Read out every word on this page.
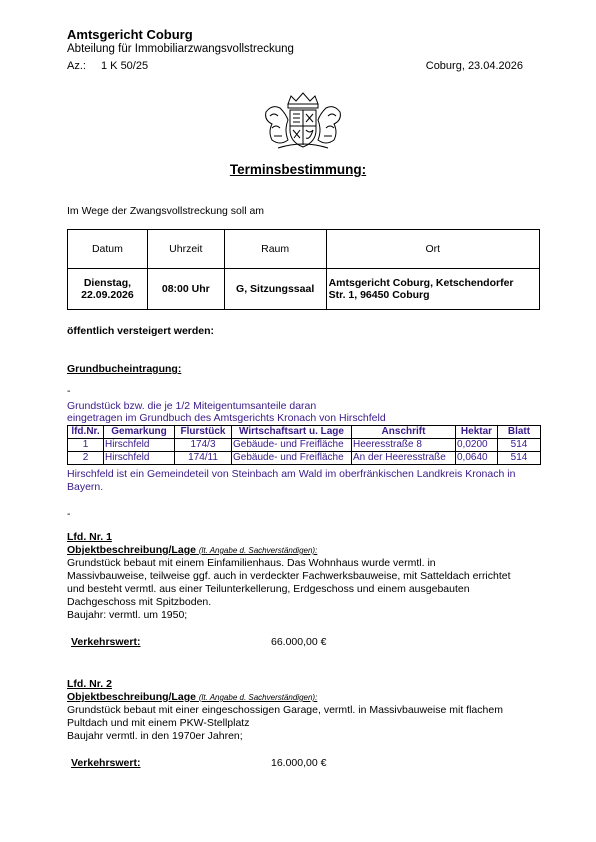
Amtsgericht Coburg
Abteilung für Immobiliarzwangsvollstreckung
Az.: 1 K 50/25	Coburg, 23.04.2026
Terminsbestimmung:
Im Wege der Zwangsvollstreckung soll am
Datum	Uhrzeit	Raum	Ort
Dienstag,
22.09.2026	08:00 Uhr	G, Sitzungssaal	Amtsgericht Coburg, Ketschendorfer
Str. 1, 96450 Coburg
öffentlich versteigert werden:
Grundbucheintragung:
-
Grundstück bzw. die je 1/2 Miteigentumsanteile daran
eingetragen im Grundbuch des Amtsgerichts Kronach von Hirschfeld
lfd.Nr.	Gemarkung	Flurstück	Wirtschaftsart u. Lage	Anschrift	Hektar	Blatt
1	Hirschfeld	174/3	Gebäude- und Freifläche	Heeresstraße 8	0,0200	514
2	Hirschfeld	174/11	Gebäude- und Freifläche	An der Heeresstraße	0,0640	514
Hirschfeld ist ein Gemeindeteil von Steinbach am Wald im oberfränkischen Landkreis Kronach in Bayern.
-
Lfd. Nr. 1
Objektbeschreibung/Lage (lt. Angabe d. Sachverständigen):
Grundstück bebaut mit einem Einfamilienhaus. Das Wohnhaus wurde vermtl. in
Massivbauweise, teilweise ggf. auch in verdeckter Fachwerksbauweise, mit Satteldach errichtet
und besteht vermtl. aus einer Teilunterkellerung, Erdgeschoss und einem ausgebauten
Dachgeschoss mit Spitzboden.
Baujahr: vermtl. um 1950;
Verkehrswert:	66.000,00 €
Lfd. Nr. 2
Objektbeschreibung/Lage (lt. Angabe d. Sachverständigen):
Grundstück bebaut mit einer eingeschossigen Garage, vermtl. in Massivbauweise mit flachem
Pultdach und mit einem PKW-Stellplatz
Baujahr vermtl. in den 1970er Jahren;
Verkehrswert:	16.000,00 €
